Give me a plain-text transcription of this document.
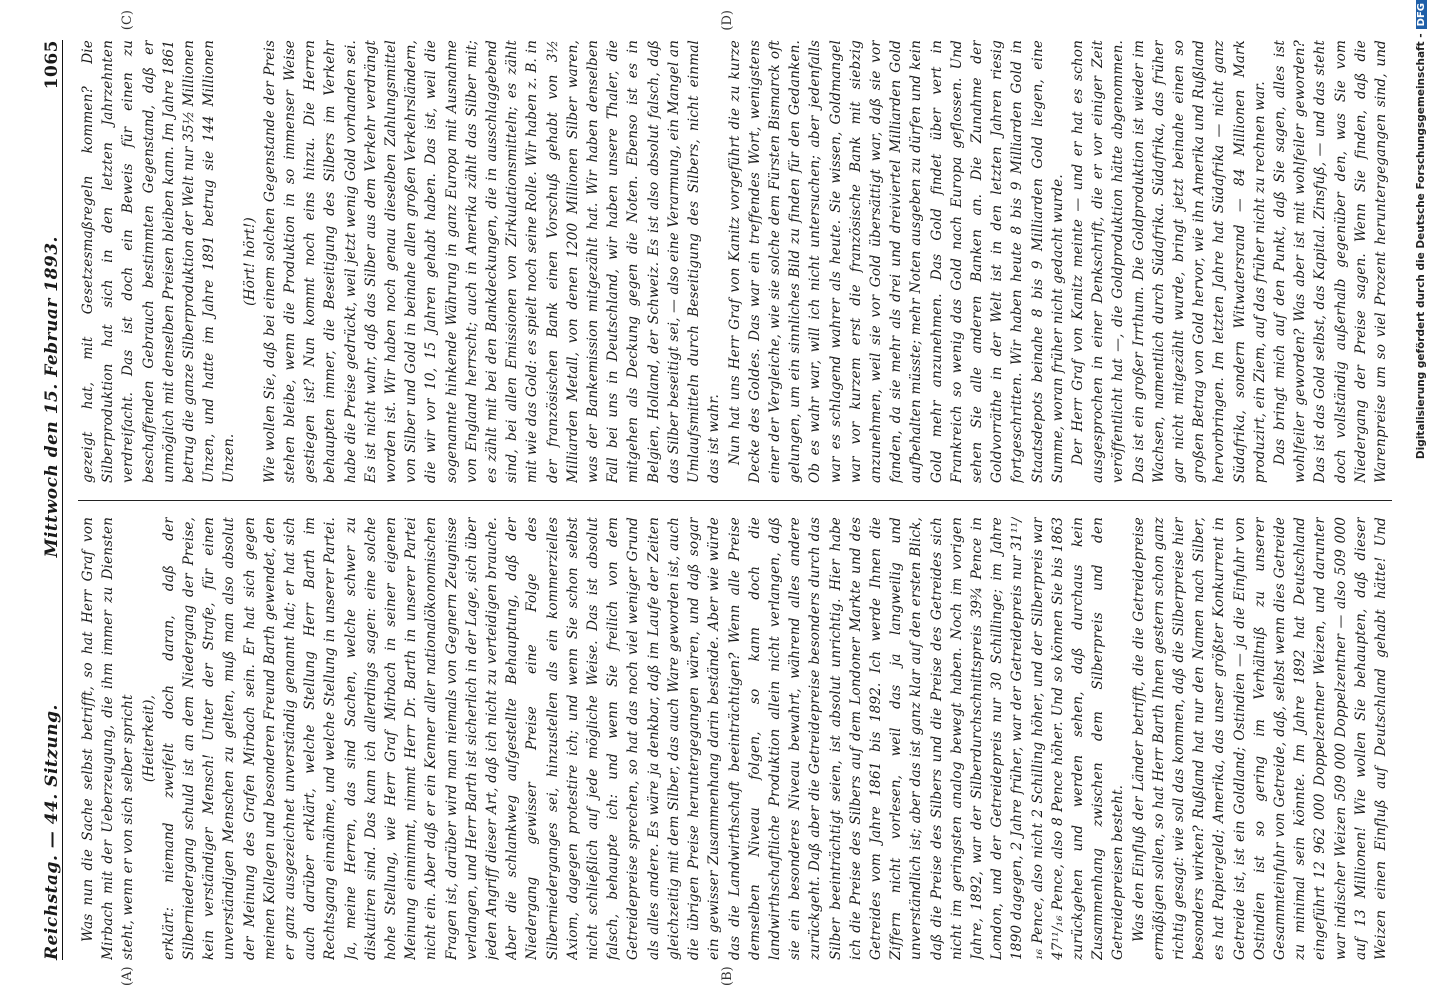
Reichstag. — 44. Sitzung.
Mittwoch den 15. Februar 1893.
1065
(A)	(B)
(C)	(D)

Was nun die Sache selbst betrifft, so hat Herr Graf von Mirbach mit der Ueberzeugung, die ihm immer zu Diensten steht, wenn er von sich selber spricht (Heiterkeit), erklärt: niemand zweifelt doch daran, daß der Silberniedergang schuld ist an dem Niedergang der Preise, kein verständiger Mensch! Unter der Strafe, für einen unverständigen Menschen zu gelten, muß man also absolut der Meinung des Grafen Mirbach sein. Er hat sich gegen meinen Kollegen und besonderen Freund Barth gewendet, den er ganz ausgezeichnet unverständig genannt hat; er hat sich auch darüber erklärt, welche Stellung Herr Barth im Rechtsgang einnähme, und welche Stellung in unserer Partei. Ja, meine Herren, das sind Sachen, welche schwer zu diskutiren sind. Das kann ich allerdings sagen: eine solche hohe Stellung, wie Herr Graf Mirbach in seiner eigenen Meinung einnimmt, nimmt Herr Dr. Barth in unserer Partei nicht ein. Aber daß er ein Kenner aller nationalökonomischen Fragen ist, darüber wird man niemals von Gegnern Zeugnisse verlangen, und Herr Barth ist sicherlich in der Lage, sich über jeden Angriff dieser Art, daß ich nicht zu verteidigen brauche. Aber die schlankweg aufgestellte Behauptung, daß der Niedergang gewisser Preise eine Folge des Silberniederganges sei, hinzustellen als ein kommerzielles Axiom, dagegen protestire ich; und wenn Sie schon selbst nicht schließlich auf jede mögliche Weise. Das ist absolut falsch, behaupte ich: und wenn Sie freilich von dem Getreidepreise sprechen, so hat das noch viel weniger Grund als alles andere. Es wäre ja denkbar, daß im Laufe der Zeiten gleichzeitig mit dem Silber, das auch Ware geworden ist, auch die übrigen Preise heruntergegangen wären, und daß sogar ein gewisser Zusammenhang darin bestände. Aber wie würde das die Landwirthschaft beeinträchtigen? Wenn alle Preise demselben Niveau folgen, so kann doch die landwirthschaftliche Produktion allein nicht verlangen, daß sie ein besonderes Niveau bewahrt, während alles andere zurückgeht. Daß aber die Getreidepreise besonders durch das Silber beeinträchtigt seien, ist absolut unrichtig. Hier habe ich die Preise des Silbers auf dem Londoner Markte und des Getreides vom Jahre 1861 bis 1892. Ich werde Ihnen die Ziffern nicht vorlesen, weil das ja langweilig und unverständlich ist; aber das ist ganz klar auf den ersten Blick, daß die Preise des Silbers und die Preise des Getreides sich nicht im geringsten analog bewegt haben. Noch im vorigen Jahre, 1892, war der Silberdurchschnittspreis 39¾ Pence in London, und der Getreidepreis nur 30 Schillinge; im Jahre 1890 dagegen, 2 Jahre früher, war der Getreidepreis nur 31¹¹/₁₆ Pence, also nicht 2 Schilling höher, und der Silberpreis war 47¹¹/₁₆ Pence, also 8 Pence höher. Und so können Sie bis 1863 zurückgehen und werden sehen, daß durchaus kein Zusammenhang zwischen dem Silberpreis und den Getreidepreisen besteht. Was den Einfluß der Länder betrifft, die die Getreidepreise ermäßigen sollen, so hat Herr Barth Ihnen gestern schon ganz richtig gesagt: wie soll das kommen, daß die Silberpreise hier besonders wirken? Rußland hat nur den Namen nach Silber, es hat Papiergeld; Amerika, das unser größter Konkurrent in Getreide ist, ist ein Goldland; Ostindien — ja die Einfuhr von Ostindien ist so gering im Verhältniß zu unserer Gesammteinfuhr von Getreide, daß, selbst wenn dies Getreide zu minimal sein könnte. Im Jahre 1892 hat Deutschland eingeführt 12 962 000 Doppelzentner Weizen, und darunter war indischer Weizen 509 000 Doppelzentner — also 509 000 auf 13 Millionen! Wie wollen Sie behaupten, daß dieser Weizen einen Einfluß auf Deutschland gehabt hätte! Und

gezeigt hat, mit Gesetzesmaßregeln kommen? Die Silberproduktion hat sich in den letzten Jahrzehnten verdreifacht. Das ist doch ein Beweis für einen zu beschaffenden Gebrauch bestimmten Gegenstand, daß er unmöglich mit denselben Preisen bleiben kann. Im Jahre 1861 betrug die ganze Silberproduktion der Welt nur 35½ Millionen Unzen, und hatte im Jahre 1891 betrug sie 144 Millionen Unzen.

(Hört! hört!) Wie wollen Sie, daß bei einem solchen Gegenstande der Preis stehen bleibe, wenn die Produktion in so immenser Weise gestiegen ist? Nun kommt noch eins hinzu. Die Herren behaupten immer, die Beseitigung des Silbers im Verkehr habe die Preise gedrückt, weil jetzt wenig Gold vorhanden sei. Es ist nicht wahr, daß das Silber aus dem Verkehr verdrängt worden ist. Wir haben noch genau dieselben Zahlungsmittel von Silber und Gold in beinahe allen großen Verkehrsländern, die wir vor 10, 15 Jahren gehabt haben. Das ist, weil die sogenannte hinkende Währung in ganz Europa mit Ausnahme von England herrscht; auch in Amerika zählt das Silber mit; es zählt mit bei den Bankdeckungen, die in ausschlaggebend sind, bei allen Emissionen von Zirkulationsmitteln; es zählt mit wie das Gold: es spielt noch seine Rolle. Wir haben z. B. in der französischen Bank einen Vorschuß gehabt von 3½ Milliarden Metall, von denen 1200 Millionen Silber waren, was der Bankemission mitgezählt hat. Wir haben denselben Fall bei uns in Deutschland, wir haben unsere Thaler, die mitgehen als Deckung gegen die Noten. Ebenso ist es in Belgien, Holland, der Schweiz. Es ist also absolut falsch, daß das Silber beseitigt sei, — also eine Verarmung, ein Mangel an Umlaufsmitteln durch Beseitigung des Silbers, nicht einmal das ist wahr. Nun hat uns Herr Graf von Kanitz vorgeführt die zu kurze Decke des Goldes. Das war ein treffendes Wort, wenigstens einer der Vergleiche, wie sie solche dem Fürsten Bismarck oft gelungen, um ein sinnliches Bild zu finden für den Gedanken. Ob es wahr war, will ich nicht untersuchen; aber jedenfalls war es schlagend wahrer als heute. Sie wissen, Goldmangel war vor kurzem erst die französische Bank mit siebzig anzunehmen, weil sie vor Gold übersättigt war, daß sie vor fanden, da sie mehr als drei und dreiviertel Milliarden Gold aufbehalten müsste; mehr Noten ausgeben zu dürfen und kein Gold mehr anzunehmen. Das Gold findet über vert in Frankreich so wenig das Gold nach Europa geflossen. Und sehen Sie alle anderen Banken an. Die Zunahme der Goldvorräthe in der Welt ist in den letzten Jahren riesig fortgeschritten. Wir haben heute 8 bis 9 Milliarden Gold in Staatsdepots beinahe 8 bis 9 Milliarden Gold liegen, eine Summe, woran früher nicht gedacht wurde. Der Herr Graf von Kanitz meinte — und er hat es schon ausgesprochen in einer Denkschrift, die er vor einiger Zeit veröffentlicht hat —, die Goldproduktion hätte abgenommen. Das ist ein großer Irrthum. Die Goldproduktion ist wieder im Wachsen, namentlich durch Südafrika. Südafrika, das früher gar nicht mitgezählt wurde, bringt jetzt beinahe einen so großen Betrag von Gold hervor, wie ihn Amerika und Rußland hervorbringen. Im letzten Jahre hat Südafrika — nicht ganz Südafrika, sondern Witwatersrand — 84 Millionen Mark produzirt, ein Ziem, auf das früher nicht zu rechnen war. Das bringt mich auf den Punkt, daß Sie sagen, alles ist wohlfeiler geworden? Was aber ist mit wohlfeiler geworden? Das ist das Gold selbst, das Kapital. Zinsfuß, — und das steht doch vollständig außerhalb gegenüber den, was Sie vom Niedergang der Preise sagen. Wenn Sie finden, daß die Warenpreise um so viel Prozent heruntergegangen sind, und	Digitalisierung gefördert durch die Deutsche Forschungsgemeinschaft -DFG
